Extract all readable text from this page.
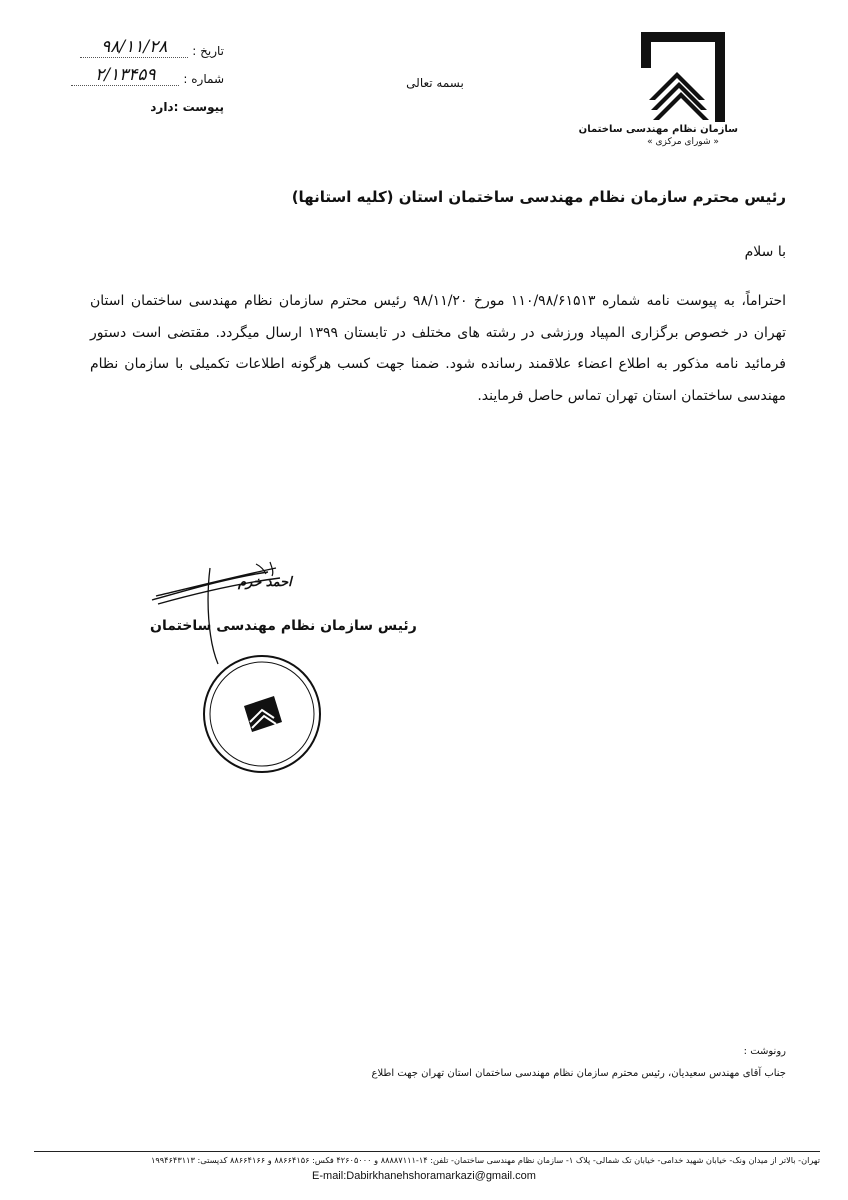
سازمان نظام مهندسی ساختمان
« شورای مرکزی »
بسمه تعالی
تاریخ :
۹۸/۱۱/۲۸
شماره :
۲/۱۳۴۵۹
پیوست :دارد
رئیس محترم سازمان نظام مهندسی ساختمان استان (کلیه استانها)
با سلام
احتراماً، به پیوست نامه شماره ۱۱۰/۹۸/۶۱۵۱۳ مورخ ۹۸/۱۱/۲۰ رئیس محترم سازمان نظام مهندسی ساختمان استان تهران در خصوص برگزاری المپیاد ورزشی در رشته های مختلف در تابستان ۱۳۹۹ ارسال میگردد. مقتضی است دستور فرمائید نامه مذکور به اطلاع اعضاء علاقمند رسانده شود. ضمنا جهت کسب هرگونه اطلاعات تکمیلی با سازمان نظام مهندسی ساختمان استان تهران تماس حاصل فرمایند.
احمد خرم
رئیس سازمان نظام مهندسی ساختمان
رونوشت :
جناب آقای مهندس سعیدیان، رئیس محترم سازمان نظام مهندسی ساختمان استان تهران جهت اطلاع
تهران- بالاتر از میدان ونک- خیابان شهید خدامی- خیابان تک شمالی- پلاک ۱- سازمان نظام مهندسی ساختمان- تلفن: ۱۴-۸۸۸۸۷۱۱۱ و ۴۲۶۰۵۰۰۰ فکس: ۸۸۶۶۴۱۵۶ و ۸۸۶۶۴۱۶۶ کدپستی: ۱۹۹۴۶۴۳۱۱۳
E-mail:Dabirkhanehshoramarkazi@gmail.com
